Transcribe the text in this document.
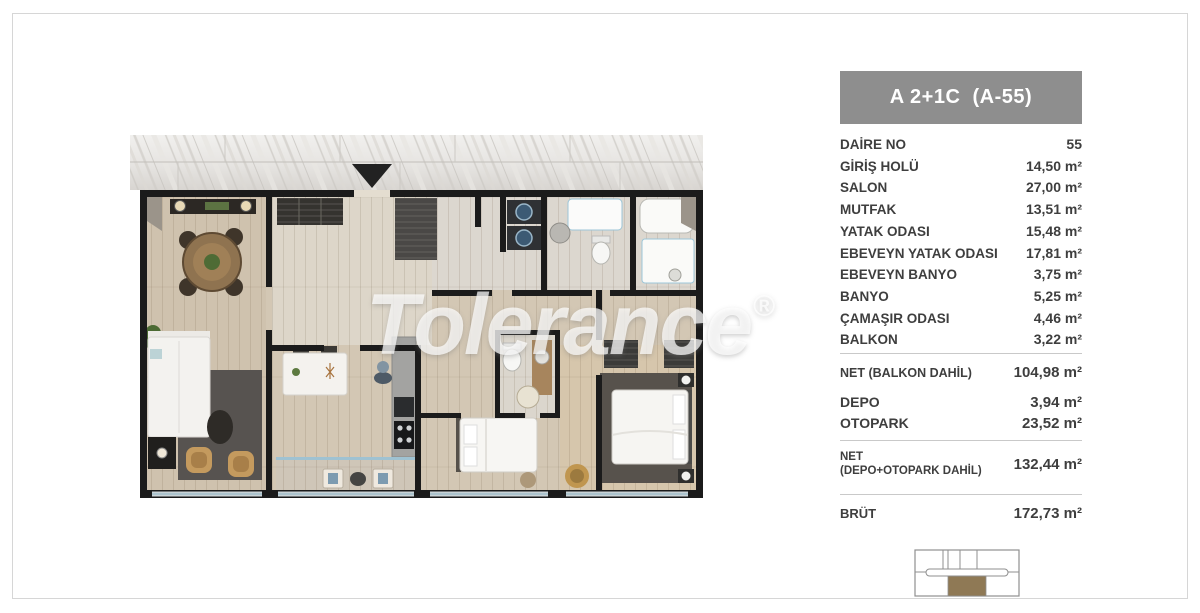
Tolerance®
A 2+1C  (A-55)
DAİRE NO	55
GİRİŞ HOLÜ	14,50 m²
SALON	27,00 m²
MUTFAK	13,51 m²
YATAK ODASI	15,48 m²
EBEVEYN YATAK ODASI 17,81 m²
EBEVEYN BANYO	3,75 m²
BANYO	5,25 m²
ÇAMAŞIR ODASI	4,46 m²
BALKON	3,22 m²
NET (BALKON DAHİL)	104,98 m²
DEPO	3,94 m²
OTOPARK	23,52 m²
NET
(DEPO+OTOPARK DAHİL) 132,44 m²
BRÜT	172,73 m²
